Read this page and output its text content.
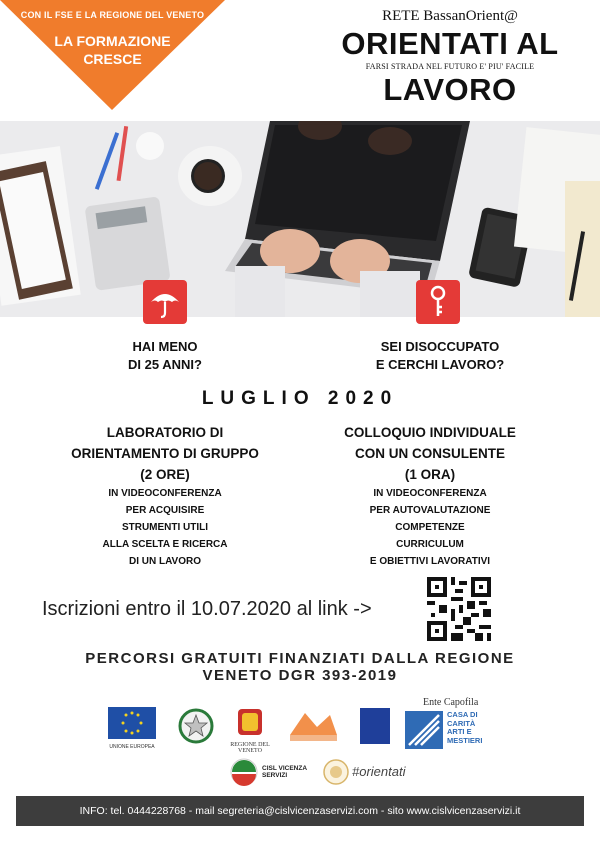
CON IL FSE E LA REGIONE DEL VENETO
LA FORMAZIONE
CRESCE
RETE BassanOrient@
ORIENTATI AL
FARSI STRADA NEL FUTURO E' PIU' FACILE
LAVORO
HAI MENO
DI 25 ANNI?
SEI DISOCCUPATO
E CERCHI LAVORO?
LUGLIO 2020
LABORATORIO DI
ORIENTAMENTO DI GRUPPO
(2 ORE)
IN VIDEOCONFERENZA
PER ACQUISIRE
STRUMENTI UTILI
ALLA SCELTA E RICERCA
DI UN LAVORO
COLLOQUIO INDIVIDUALE
CON UN CONSULENTE
(1 ORA)
IN VIDEOCONFERENZA
PER AUTOVALUTAZIONE
COMPETENZE
CURRICULUM
E OBIETTIVI LAVORATIVI
Iscrizioni entro il 10.07.2020 al link ->
PERCORSI GRATUITI FINANZIATI DALLA REGIONE
VENETO DGR 393-2019
UNIONE EUROPEA	REGIONE DEL VENETO
Ente Capofila
CASA DI
CARITÀ
ARTI E
MESTIERI
CISL VICENZA
SERVIZI	#orientati
INFO: tel. 0444228768 - mail segreteria@cislvicenzaservizi.com - sito www.cislvicenzaservizi.it
